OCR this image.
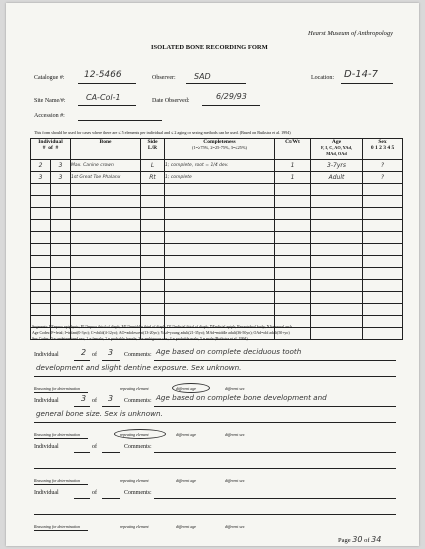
Hearst Museum of Anthropology
ISOLATED BONE RECORDING FORM
Catalogue #: 12-5466	Observer: SAD	Location: D-14-7
Site Name/#:	CA-Col-1	Date Observed:	6/29/93
Accession #:
This form should be used for cases where there are ≤ 5 elements per individual and ≤ 2 aging or sexing methods can be used. (Based on Buikstra et al. 1994)
Individual
# of #		Bone	Side
L/R	Completeness
(1=≥75%, 2=25-75%, 3=≤25%)	Ct/Wt	Age
F, I, C, AO, YAd,
MAd, OAd	Sex
0 1 2 3 4 5
2	3	Max. Canine crown	L	1; complete, root = 1/4 dev.	1	3-7yrs	?
3	3	1st Great Toe Phalanx	Rt	1; complete	1	Adult	?

Segments: PE=prox epiphysis; P1/3=prox third of diaph; M1/3=middle third of diaph; D1/3=distal third of diaph; DE=distal epiph; B=vertebral body; NA=neural arch
Age Codes: F=fetal; I=infant(0-3yo); C=child(4-12yo); AO=adolescent(13-20yo); YAd=young adult(21-35yo); MAd=middle adult(36-50yo); OAd=old adult(50+yo)
Sex Codes: 0 = undetermined sex; 1 = female; 2 = probable female; 3 = ambiguous sex; 4 = probable male; 5 = male (Buikstra et al. 1994)
Individual	2 of 3 Comments: Age based on complete deciduous tooth
development and slight dentine exposure. Sex unknown.
Reasoning for determination	repeating element	different age	different sex
Individual	3 of 3 Comments: Age based on complete bone development and
general bone size. Sex is unknown.
Reasoning for determination	repeating element	different age	different sex
Individual	of	Comments:
Reasoning for determination	repeating element	different age	different sex
Individual	of	Comments:
Reasoning for determination	repeating element	different age	different sex
Page 30 of 34
